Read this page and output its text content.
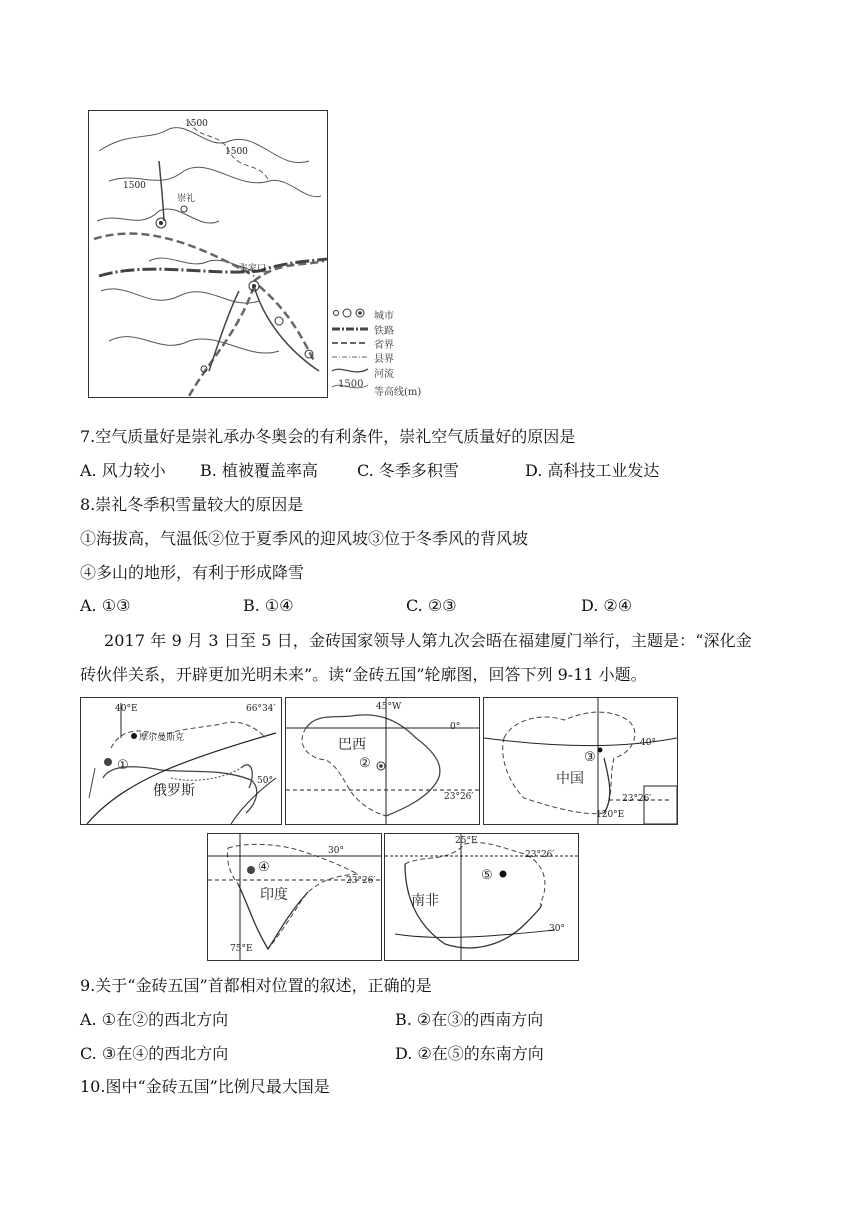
1500
1500
1500
崇礼
张家口
城市
铁路
省界
县界
河流
1500
等高线(m)
7.空气质量好是崇礼承办冬奥会的有利条件，崇礼空气质量好的原因是
A. 风力较小 B. 植被覆盖率高 C. 冬季多积雪	D. 高科技工业发达
8.崇礼冬季积雪量较大的原因是
①海拔高，气温低②位于夏季风的迎风坡③位于冬季风的背风坡
④多山的地形，有利于形成降雪
A. ①③	B. ①④	C. ②③	D. ②④
2017 年 9 月 3 日至 5 日，金砖国家领导人第九次会晤在福建厦门举行，主题是：“深化金
砖伙伴关系，开辟更加光明未来”。读“金砖五国”轮廓图，回答下列 9-11 小题。
40°E	66°34′
摩尔曼斯克
①
俄罗斯
50°
45°W
0°
巴西
②
23°26′
40°
③
中国
23°26′
120°E
30°
④
23°26′
印度
75°E
25°E
23°26′
⑤
南非
30°
9.关于“金砖五国”首都相对位置的叙述，正确的是
A. ①在②的西北方向	B. ②在③的西南方向
C. ③在④的西北方向	D. ②在⑤的东南方向
10.图中“金砖五国”比例尺最大国是
